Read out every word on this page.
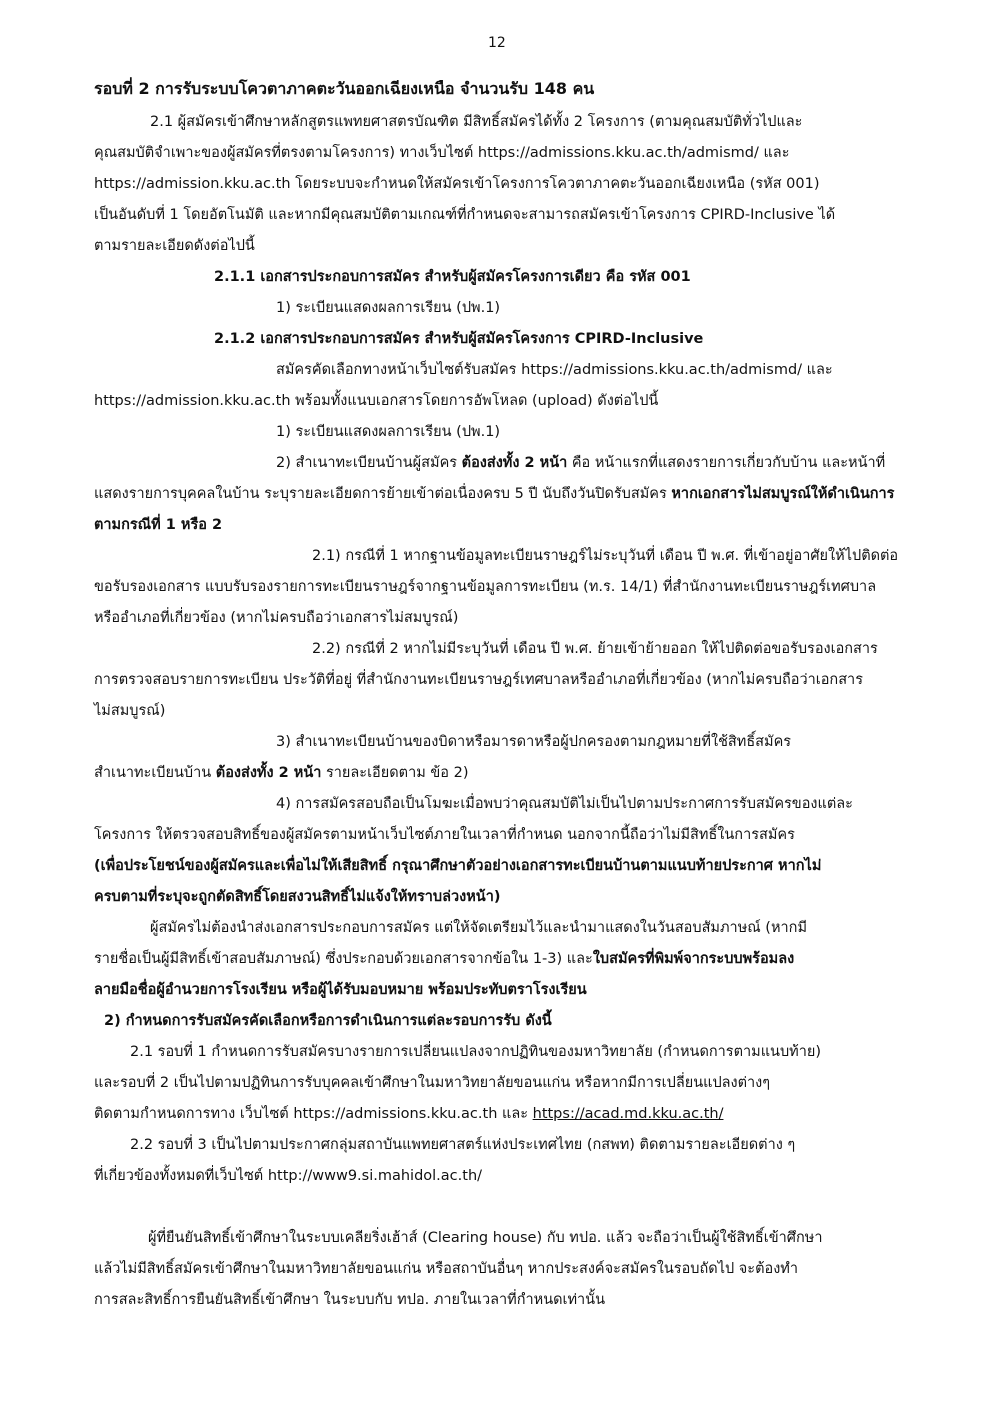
12
รอบที่ 2 การรับระบบโควตาภาคตะวันออกเฉียงเหนือ จำนวนรับ 148 คน
2.1 ผู้สมัครเข้าศึกษาหลักสูตรแพทยศาสตรบัณฑิต มีสิทธิ์สมัครได้ทั้ง 2 โครงการ (ตามคุณสมบัติทั่วไปและ
คุณสมบัติจำเพาะของผู้สมัครที่ตรงตามโครงการ) ทางเว็บไซต์ https://admissions.kku.ac.th/admismd/ และ
https://admission.kku.ac.th โดยระบบจะกำหนดให้สมัครเข้าโครงการโควตาภาคตะวันออกเฉียงเหนือ (รหัส 001)
เป็นอันดับที่ 1 โดยอัตโนมัติ และหากมีคุณสมบัติตามเกณฑ์ที่กำหนดจะสามารถสมัครเข้าโครงการ CPIRD-Inclusive ได้
ตามรายละเอียดดังต่อไปนี้
2.1.1 เอกสารประกอบการสมัคร สำหรับผู้สมัครโครงการเดียว คือ รหัส 001
1) ระเบียนแสดงผลการเรียน (ปพ.1)
2.1.2 เอกสารประกอบการสมัคร สำหรับผู้สมัครโครงการ CPIRD-Inclusive
สมัครคัดเลือกทางหน้าเว็บไซต์รับสมัคร https://admissions.kku.ac.th/admismd/ และ
https://admission.kku.ac.th พร้อมทั้งแนบเอกสารโดยการอัพโหลด (upload) ดังต่อไปนี้
1) ระเบียนแสดงผลการเรียน (ปพ.1)
2) สำเนาทะเบียนบ้านผู้สมัคร ต้องส่งทั้ง 2 หน้า คือ หน้าแรกที่แสดงรายการเกี่ยวกับบ้าน และหน้าที่
แสดงรายการบุคคลในบ้าน ระบุรายละเอียดการย้ายเข้าต่อเนื่องครบ 5 ปี นับถึงวันปิดรับสมัคร หากเอกสารไม่สมบูรณ์ให้ดำเนินการ
ตามกรณีที่ 1 หรือ 2
2.1) กรณีที่ 1 หากฐานข้อมูลทะเบียนราษฎร์ไม่ระบุวันที่ เดือน ปี พ.ศ. ที่เข้าอยู่อาศัยให้ไปติดต่อ
ขอรับรองเอกสาร แบบรับรองรายการทะเบียนราษฎร์จากฐานข้อมูลการทะเบียน (ท.ร. 14/1) ที่สำนักงานทะเบียนราษฎร์เทศบาล
หรืออำเภอที่เกี่ยวข้อง (หากไม่ครบถือว่าเอกสารไม่สมบูรณ์)
2.2) กรณีที่ 2 หากไม่มีระบุวันที่ เดือน ปี พ.ศ. ย้ายเข้าย้ายออก ให้ไปติดต่อขอรับรองเอกสาร
การตรวจสอบรายการทะเบียน ประวัติที่อยู่ ที่สำนักงานทะเบียนราษฎร์เทศบาลหรืออำเภอที่เกี่ยวข้อง (หากไม่ครบถือว่าเอกสาร
ไม่สมบูรณ์)
3) สำเนาทะเบียนบ้านของบิดาหรือมารดาหรือผู้ปกครองตามกฎหมายที่ใช้สิทธิ์สมัคร
สำเนาทะเบียนบ้าน ต้องส่งทั้ง 2 หน้า รายละเอียดตาม ข้อ 2)
4) การสมัครสอบถือเป็นโมฆะเมื่อพบว่าคุณสมบัติไม่เป็นไปตามประกาศการรับสมัครของแต่ละ
โครงการ ให้ตรวจสอบสิทธิ์ของผู้สมัครตามหน้าเว็บไซต์ภายในเวลาที่กำหนด นอกจากนี้ถือว่าไม่มีสิทธิ์ในการสมัคร
(เพื่อประโยชน์ของผู้สมัครและเพื่อไม่ให้เสียสิทธิ์ กรุณาศึกษาตัวอย่างเอกสารทะเบียนบ้านตามแนบท้ายประกาศ หากไม่
ครบตามที่ระบุจะถูกตัดสิทธิ์โดยสงวนสิทธิ์ไม่แจ้งให้ทราบล่วงหน้า)
ผู้สมัครไม่ต้องนำส่งเอกสารประกอบการสมัคร แต่ให้จัดเตรียมไว้และนำมาแสดงในวันสอบสัมภาษณ์ (หากมี
รายชื่อเป็นผู้มีสิทธิ์เข้าสอบสัมภาษณ์) ซึ่งประกอบด้วยเอกสารจากข้อใน 1-3) และใบสมัครที่พิมพ์จากระบบพร้อมลง
ลายมือชื่อผู้อำนวยการโรงเรียน หรือผู้ได้รับมอบหมาย พร้อมประทับตราโรงเรียน
2) กำหนดการรับสมัครคัดเลือกหรือการดำเนินการแต่ละรอบการรับ ดังนี้
2.1 รอบที่ 1 กำหนดการรับสมัครบางรายการเปลี่ยนแปลงจากปฏิทินของมหาวิทยาลัย (กำหนดการตามแนบท้าย)
และรอบที่ 2 เป็นไปตามปฏิทินการรับบุคคลเข้าศึกษาในมหาวิทยาลัยขอนแก่น หรือหากมีการเปลี่ยนแปลงต่างๆ
ติดตามกำหนดการทาง เว็บไซต์ https://admissions.kku.ac.th และ https://acad.md.kku.ac.th/
2.2 รอบที่ 3 เป็นไปตามประกาศกลุ่มสถาบันแพทยศาสตร์แห่งประเทศไทย (กสพท) ติดตามรายละเอียดต่าง ๆ
ที่เกี่ยวข้องทั้งหมดที่เว็บไซต์ http://www9.si.mahidol.ac.th/
ผู้ที่ยืนยันสิทธิ์เข้าศึกษาในระบบเคลียริ่งเฮ้าส์ (Clearing house) กับ ทปอ. แล้ว จะถือว่าเป็นผู้ใช้สิทธิ์เข้าศึกษา
แล้วไม่มีสิทธิ์สมัครเข้าศึกษาในมหาวิทยาลัยขอนแก่น หรือสถาบันอื่นๆ หากประสงค์จะสมัครในรอบถัดไป จะต้องทำ
การสละสิทธิ์การยืนยันสิทธิ์เข้าศึกษา ในระบบกับ ทปอ. ภายในเวลาที่กำหนดเท่านั้น
